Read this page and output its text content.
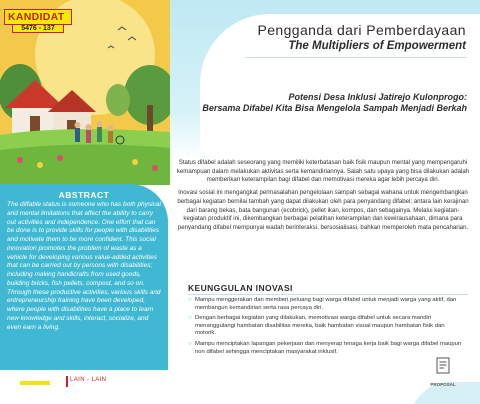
KANDIDAT
5476 - 137	Pengganda dari Pemberdayaan
The Multipliers of Empowerment
Potensi Desa Inklusi Jatirejo Kulonprogo:
Bersama Difabel Kita Bisa Mengelola Sampah Menjadi Berkah

Status difabel adalah seseorang yang memiliki keterbatasan baik fisik maupun mental yang mempengaruhi kemampuan dalam melakukan aktivitas serta kemandiriannya. Salah satu upaya yang bisa dilakukan adalah memberikan keterampilan bagi difabel dan memotivasi mereka agar lebih percaya diri.

Inovasi sosial ini mengangkat permasalahan pengelolaan sampah sebagai wahana untuk mengembangkan berbagai kegiatan bernilai tambah yang dapat dilakukan oleh para penyandang difabel; antara lain kerajinan dari barang bekas, bata bangunan (ecobrick), pellet ikan, kompos, dan sebagainya. Melalui kegiatan-kegiatan produktif ini, dikembangkan berbagai pelatihan keterampilan dan kewirausahaan, dimana para penyandang difabel mempunyai wadah berinteraksi, bersosialisasi, bahkan memperoleh mata pencaharian.

ABSTRACT
The diffable status is someone who has both physical and mental limitations that affect the ability to carry out activities and independence. One effort that can be done is to provide skills for people with disabilities and motivate them to be more confident. This social innovation promotes the problem of waste as a vehicle for developing various value-added activities that can be carried out by persons with disabilities; including making handicrafts from used goods, building bricks, fish pellets, compost, and so on. Through these productive activities, various skills and entrepreneurship training have been developed, where people with disabilities have a place to learn new knowledge and skills, interact, socialize, and even earn a living.
KEUNGGULAN INOVASI
○ Mampu menggerakan dan memberi peluang bagi warga difabel untuk menjadi warga yang aktif, dan membangun kemandirian serta rasa percaya diri.
○ Dengan berbagai kegiatan yang dilakukan, memotivasi warga difabel untuk secara mandiri menanggulangi hambatan disabilitas mereka, baik hambatan visual maupun hambatan fisik dan motorik.
○ Mampu menciptakan lapangan pekerjaan dan menyerap tenaga kerja baik bagi warga difabel maupun non difabel sehingga menciptakan masyarakat inklusif.
LAIN - LAIN
PROPOSAL
